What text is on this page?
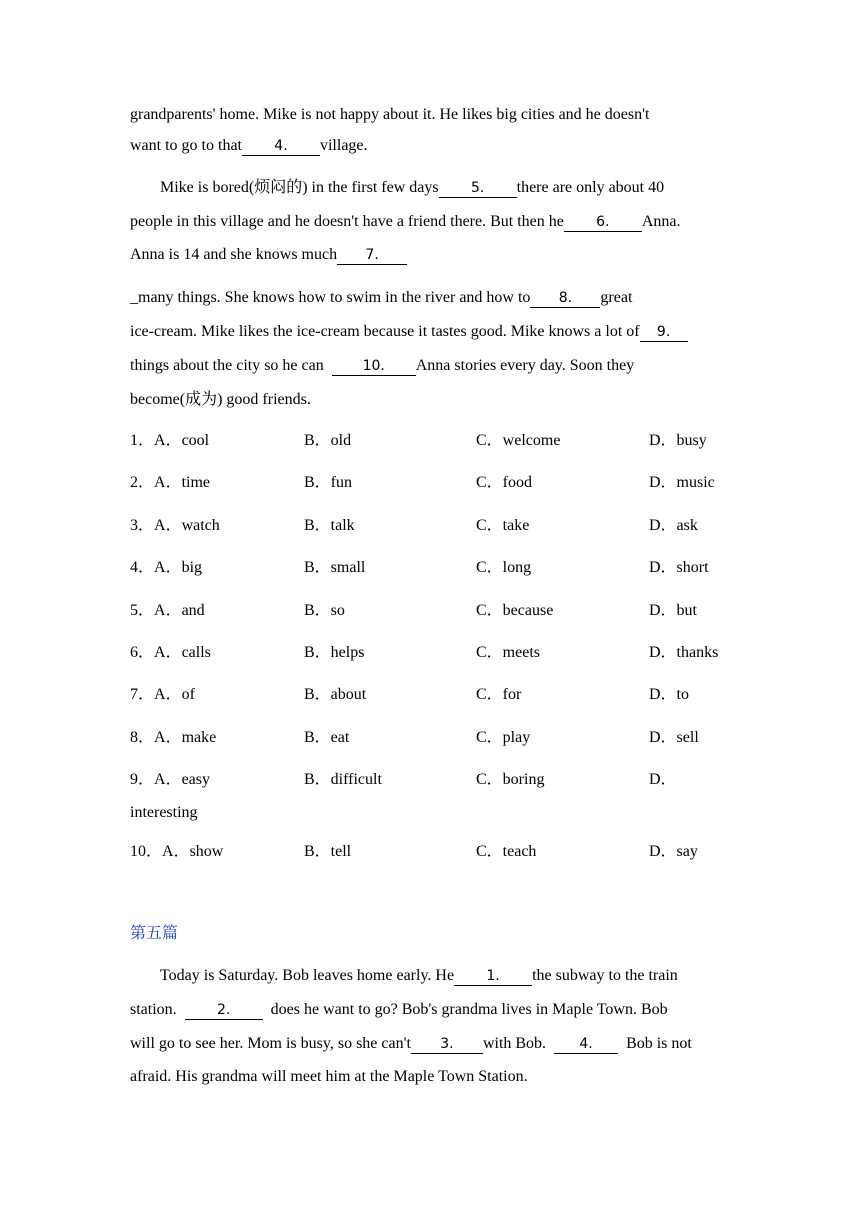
grandparents' home. Mike is not happy about it. He likes big cities and he doesn't
want to go to that 4. village.
Mike is bored(烦闷的) in the first few days 5. there are only about 40
people in this village and he doesn't have a friend there. But then he 6. Anna.
Anna is 14 and she knows much 7.
_many things. She knows how to swim in the river and how to 8. great
ice-cream. Mike likes the ice-cream because it tastes good. Mike knows a lot of 9.
things about the city so he can	10. Anna stories every day. Soon they
become(成为) good friends.
1．A．cool	B．old	C．welcome	D．busy
2．A．time	B．fun	C．food	D．music
3．A．watch	B．talk	C．take	D．ask
4．A．big	B．small	C．long	D．short
5．A．and	B．so	C．because	D．but
6．A．calls	B．helps	C．meets	D．thanks
7．A．of	B．about	C．for	D．to
8．A．make	B．eat	C．play	D．sell
9．A．easy	B．difficult	C．boring	D．
interesting
10．A．show	B．tell	C．teach	D．say
第五篇
Today is Saturday. Bob leaves home early. He 1. the subway to the train
station.	2.	does he want to go? Bob's grandma lives in Maple Town. Bob
will go to see her. Mom is busy, so she can't 3. with Bob. 4. Bob is not
afraid. His grandma will meet him at the Maple Town Station.
